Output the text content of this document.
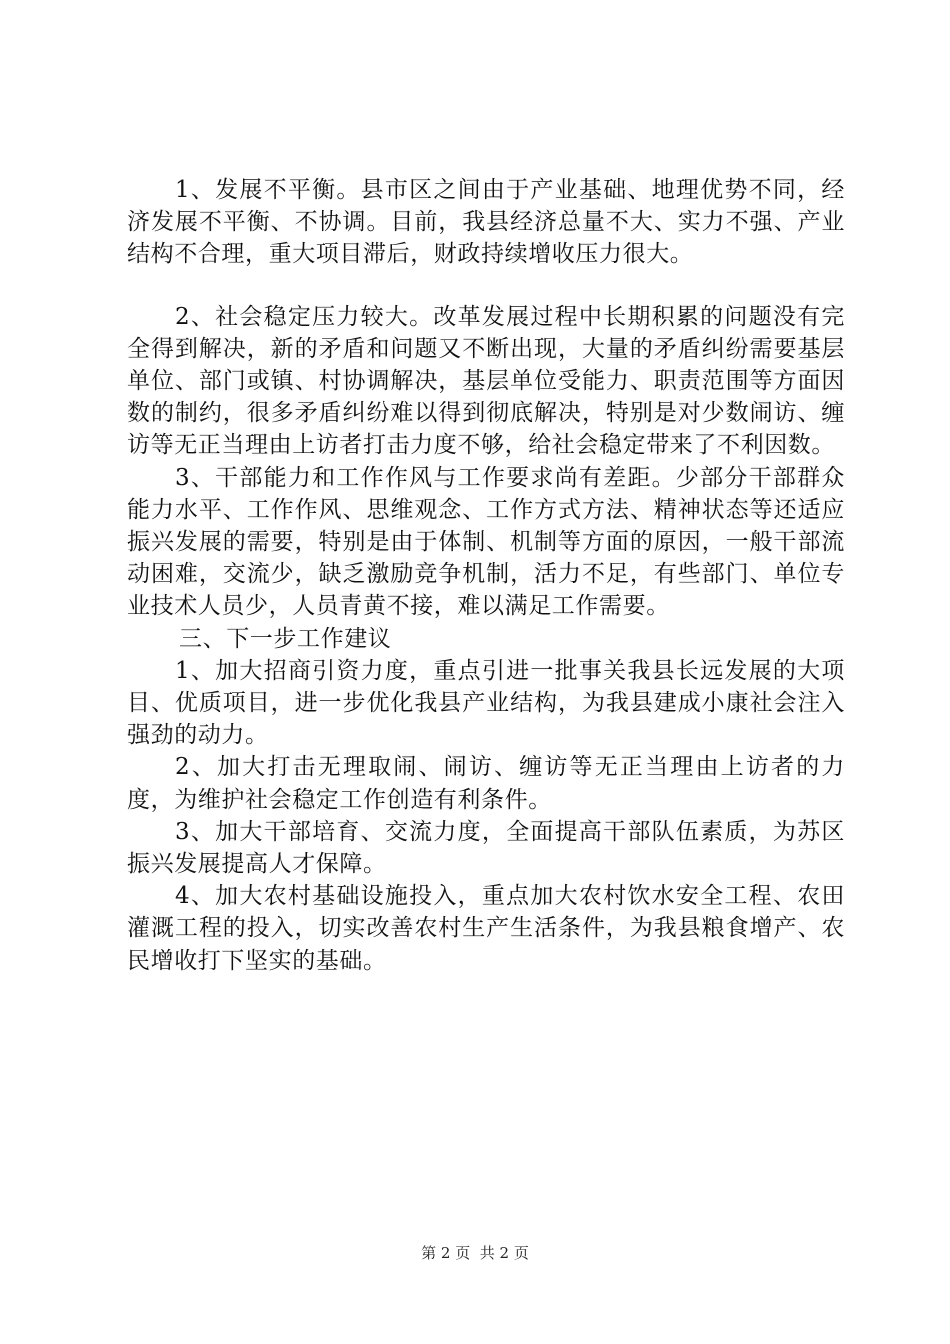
1、发展不平衡。县市区之间由于产业基础、地理优势不同，经济发展不平衡、不协调。目前，我县经济总量不大、实力不强、产业结构不合理，重大项目滞后，财政持续增收压力很大。

2、社会稳定压力较大。改革发展过程中长期积累的问题没有完全得到解决，新的矛盾和问题又不断出现，大量的矛盾纠纷需要基层单位、部门或镇、村协调解决，基层单位受能力、职责范围等方面因数的制约，很多矛盾纠纷难以得到彻底解决，特别是对少数闹访、缠访等无正当理由上访者打击力度不够，给社会稳定带来了不利因数。

3、干部能力和工作作风与工作要求尚有差距。少部分干部群众能力水平、工作作风、思维观念、工作方式方法、精神状态等还适应振兴发展的需要，特别是由于体制、机制等方面的原因，一般干部流动困难，交流少，缺乏激励竞争机制，活力不足，有些部门、单位专业技术人员少，人员青黄不接，难以满足工作需要。

三、下一步工作建议

1、加大招商引资力度，重点引进一批事关我县长远发展的大项目、优质项目，进一步优化我县产业结构，为我县建成小康社会注入强劲的动力。

2、加大打击无理取闹、闹访、缠访等无正当理由上访者的力度，为维护社会稳定工作创造有利条件。

3、加大干部培育、交流力度，全面提高干部队伍素质，为苏区振兴发展提高人才保障。

4、加大农村基础设施投入，重点加大农村饮水安全工程、农田灌溉工程的投入，切实改善农村生产生活条件，为我县粮食增产、农民增收打下坚实的基础。

第 2 页  共 2 页
